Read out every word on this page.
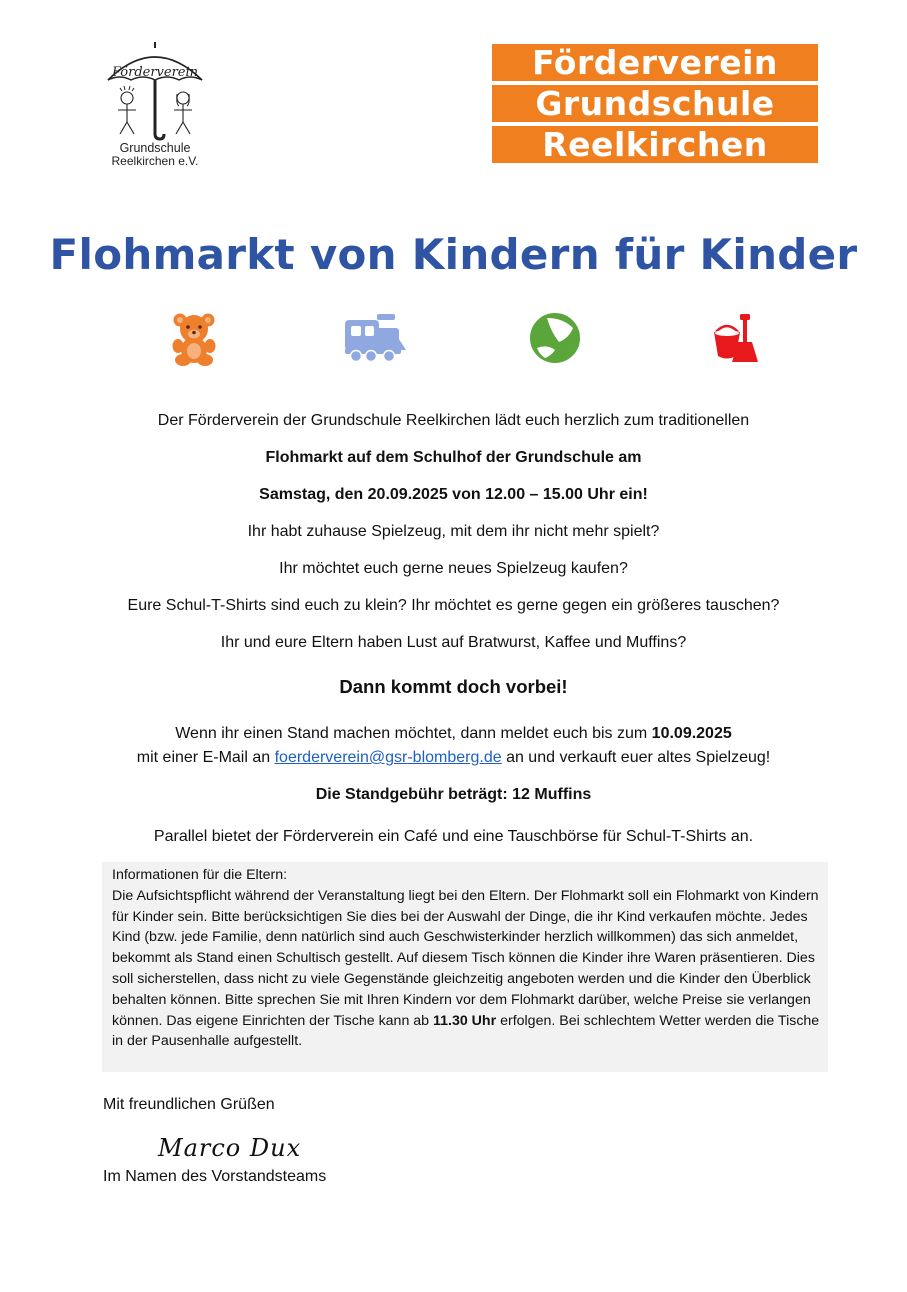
Förderverein
Grundschule
Reelkirchen e.V.
Förderverein
Grundschule
Reelkirchen
Flohmarkt von Kindern für Kinder
Der Förderverein der Grundschule Reelkirchen lädt euch herzlich zum traditionellen
Flohmarkt auf dem Schulhof der Grundschule am
Samstag, den 20.09.2025 von 12.00 – 15.00 Uhr ein!
Ihr habt zuhause Spielzeug, mit dem ihr nicht mehr spielt?
Ihr möchtet euch gerne neues Spielzeug kaufen?
Eure Schul-T-Shirts sind euch zu klein? Ihr möchtet es gerne gegen ein größeres tauschen?
Ihr und eure Eltern haben Lust auf Bratwurst, Kaffee und Muffins?
Dann kommt doch vorbei!
Wenn ihr einen Stand machen möchtet, dann meldet euch bis zum 10.09.2025
mit einer E-Mail an foerderverein@gsr-blomberg.de an und verkauft euer altes Spielzeug!
Die Standgebühr beträgt: 12 Muffins
Parallel bietet der Förderverein ein Café und eine Tauschbörse für Schul-T-Shirts an.
Informationen für die Eltern:
Die Aufsichtspflicht während der Veranstaltung liegt bei den Eltern. Der Flohmarkt soll ein Flohmarkt von Kindern für Kinder sein. Bitte berücksichtigen Sie dies bei der Auswahl der Dinge, die ihr Kind verkaufen möchte. Jedes Kind (bzw. jede Familie, denn natürlich sind auch Geschwisterkinder herzlich willkommen) das sich anmeldet, bekommt als Stand einen Schultisch gestellt. Auf diesem Tisch können die Kinder ihre Waren präsentieren. Dies soll sicherstellen, dass nicht zu viele Gegenstände gleichzeitig angeboten werden und die Kinder den Überblick behalten können. Bitte sprechen Sie mit Ihren Kindern vor dem Flohmarkt darüber, welche Preise sie verlangen können. Das eigene Einrichten der Tische kann ab 11.30 Uhr erfolgen. Bei schlechtem Wetter werden die Tische in der Pausenhalle aufgestellt.
Mit freundlichen Grüßen
Marco Dux
Im Namen des Vorstandsteams
